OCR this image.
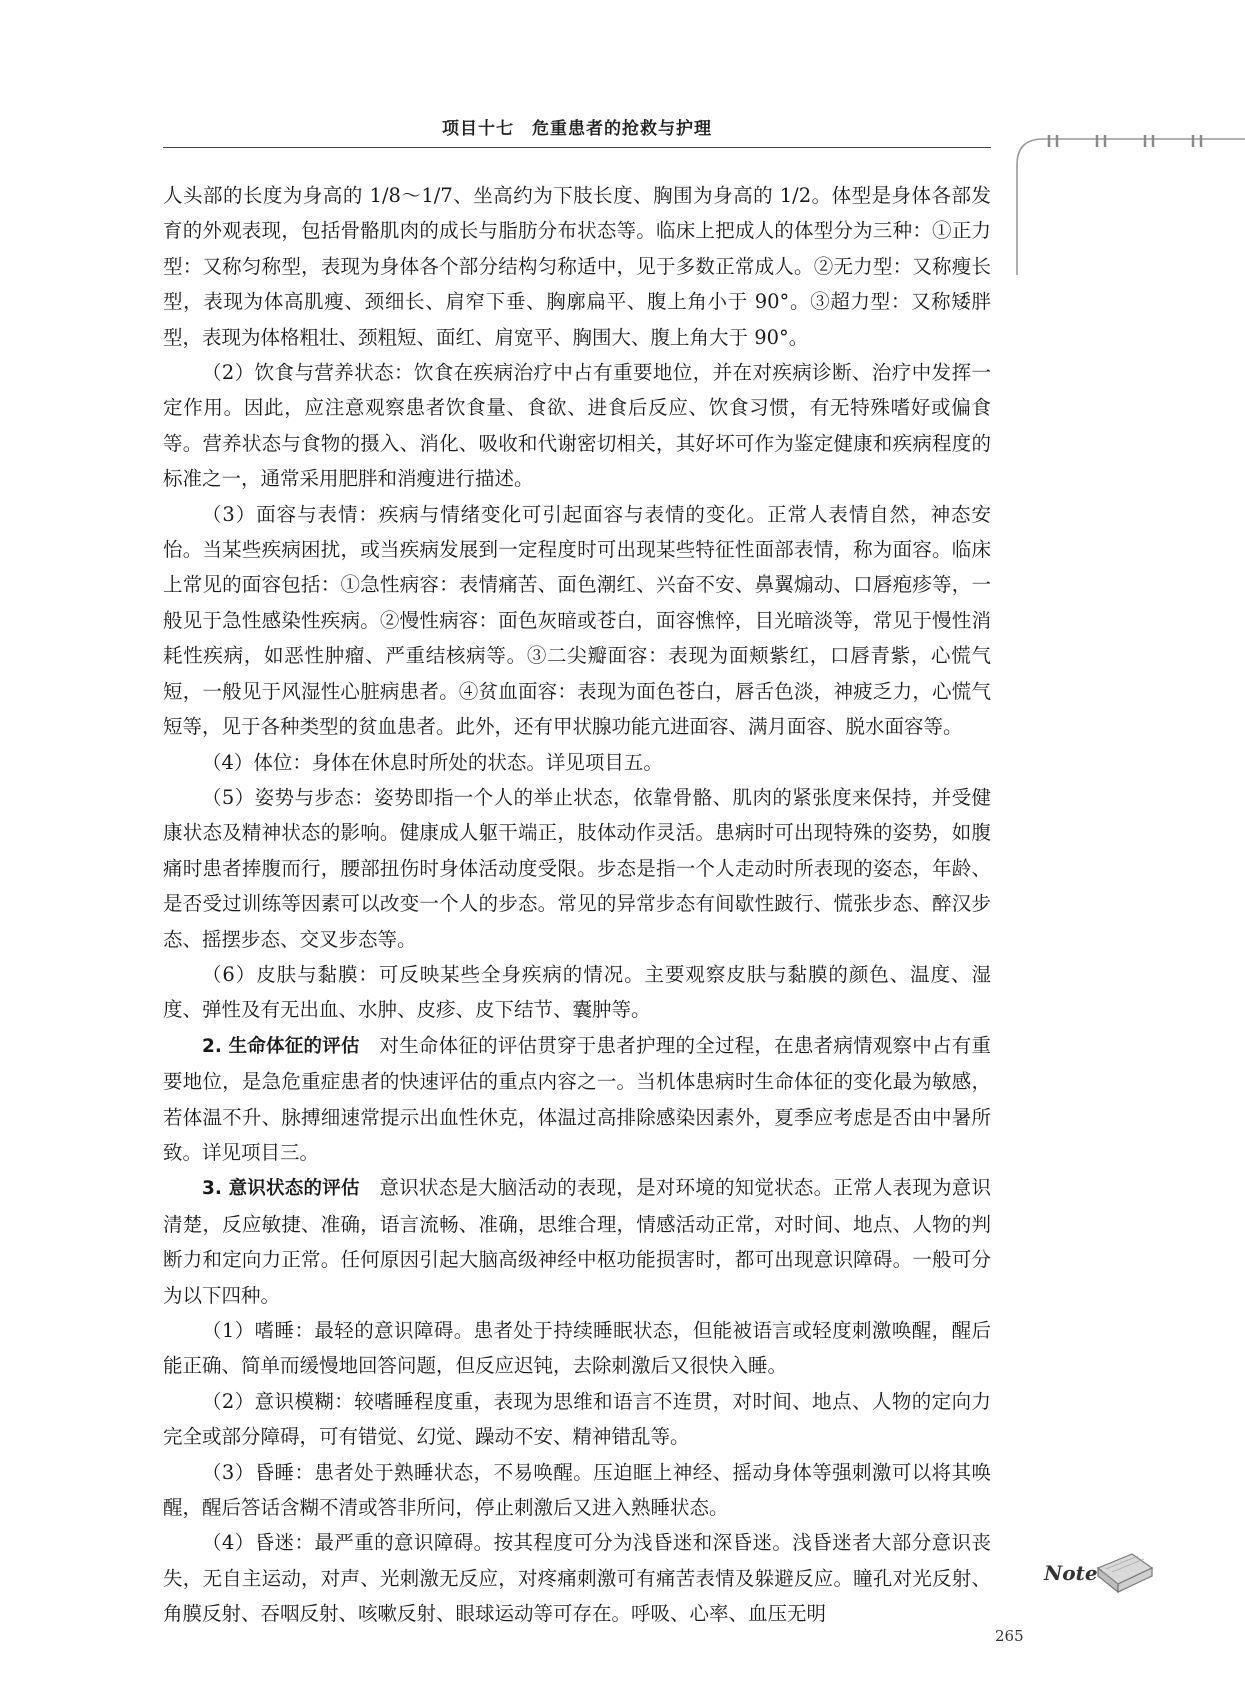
项目十七　危重患者的抢救与护理

人头部的长度为身高的 1/8～1/7、坐高约为下肢长度、胸围为身高的 1/2。体型是身体各部发育的外观表现，包括骨骼肌肉的成长与脂肪分布状态等。临床上把成人的体型分为三种：①正力型：又称匀称型，表现为身体各个部分结构匀称适中，见于多数正常成人。②无力型：又称瘦长型，表现为体高肌瘦、颈细长、肩窄下垂、胸廓扁平、腹上角小于 90°。③超力型：又称矮胖型，表现为体格粗壮、颈粗短、面红、肩宽平、胸围大、腹上角大于 90°。

（2）饮食与营养状态：饮食在疾病治疗中占有重要地位，并在对疾病诊断、治疗中发挥一定作用。因此，应注意观察患者饮食量、食欲、进食后反应、饮食习惯，有无特殊嗜好或偏食等。营养状态与食物的摄入、消化、吸收和代谢密切相关，其好坏可作为鉴定健康和疾病程度的标准之一，通常采用肥胖和消瘦进行描述。

（3）面容与表情：疾病与情绪变化可引起面容与表情的变化。正常人表情自然，神态安怡。当某些疾病困扰，或当疾病发展到一定程度时可出现某些特征性面部表情，称为面容。临床上常见的面容包括：①急性病容：表情痛苦、面色潮红、兴奋不安、鼻翼煽动、口唇疱疹等，一般见于急性感染性疾病。②慢性病容：面色灰暗或苍白，面容憔悴，目光暗淡等，常见于慢性消耗性疾病，如恶性肿瘤、严重结核病等。③二尖瓣面容：表现为面颊紫红，口唇青紫，心慌气短，一般见于风湿性心脏病患者。④贫血面容：表现为面色苍白，唇舌色淡，神疲乏力，心慌气短等，见于各种类型的贫血患者。此外，还有甲状腺功能亢进面容、满月面容、脱水面容等。

（4）体位：身体在休息时所处的状态。详见项目五。

（5）姿势与步态：姿势即指一个人的举止状态，依靠骨骼、肌肉的紧张度来保持，并受健康状态及精神状态的影响。健康成人躯干端正，肢体动作灵活。患病时可出现特殊的姿势，如腹痛时患者捧腹而行，腰部扭伤时身体活动度受限。步态是指一个人走动时所表现的姿态，年龄、是否受过训练等因素可以改变一个人的步态。常见的异常步态有间歇性跛行、慌张步态、醉汉步态、摇摆步态、交叉步态等。

（6）皮肤与黏膜：可反映某些全身疾病的情况。主要观察皮肤与黏膜的颜色、温度、湿度、弹性及有无出血、水肿、皮疹、皮下结节、囊肿等。

2. 生命体征的评估　对生命体征的评估贯穿于患者护理的全过程，在患者病情观察中占有重要地位，是急危重症患者的快速评估的重点内容之一。当机体患病时生命体征的变化最为敏感，若体温不升、脉搏细速常提示出血性休克，体温过高排除感染因素外，夏季应考虑是否由中暑所致。详见项目三。

3. 意识状态的评估　意识状态是大脑活动的表现，是对环境的知觉状态。正常人表现为意识清楚，反应敏捷、准确，语言流畅、准确，思维合理，情感活动正常，对时间、地点、人物的判断力和定向力正常。任何原因引起大脑高级神经中枢功能损害时，都可出现意识障碍。一般可分为以下四种。

（1）嗜睡：最轻的意识障碍。患者处于持续睡眠状态，但能被语言或轻度刺激唤醒，醒后能正确、简单而缓慢地回答问题，但反应迟钝，去除刺激后又很快入睡。

（2）意识模糊：较嗜睡程度重，表现为思维和语言不连贯，对时间、地点、人物的定向力完全或部分障碍，可有错觉、幻觉、躁动不安、精神错乱等。

（3）昏睡：患者处于熟睡状态，不易唤醒。压迫眶上神经、摇动身体等强刺激可以将其唤醒，醒后答话含糊不清或答非所问，停止刺激后又进入熟睡状态。

（4）昏迷：最严重的意识障碍。按其程度可分为浅昏迷和深昏迷。浅昏迷者大部分意识丧失，无自主运动，对声、光刺激无反应，对疼痛刺激可有痛苦表情及躲避反应。瞳孔对光反射、角膜反射、吞咽反射、咳嗽反射、眼球运动等可存在。呼吸、心率、血压无明

Note
265
